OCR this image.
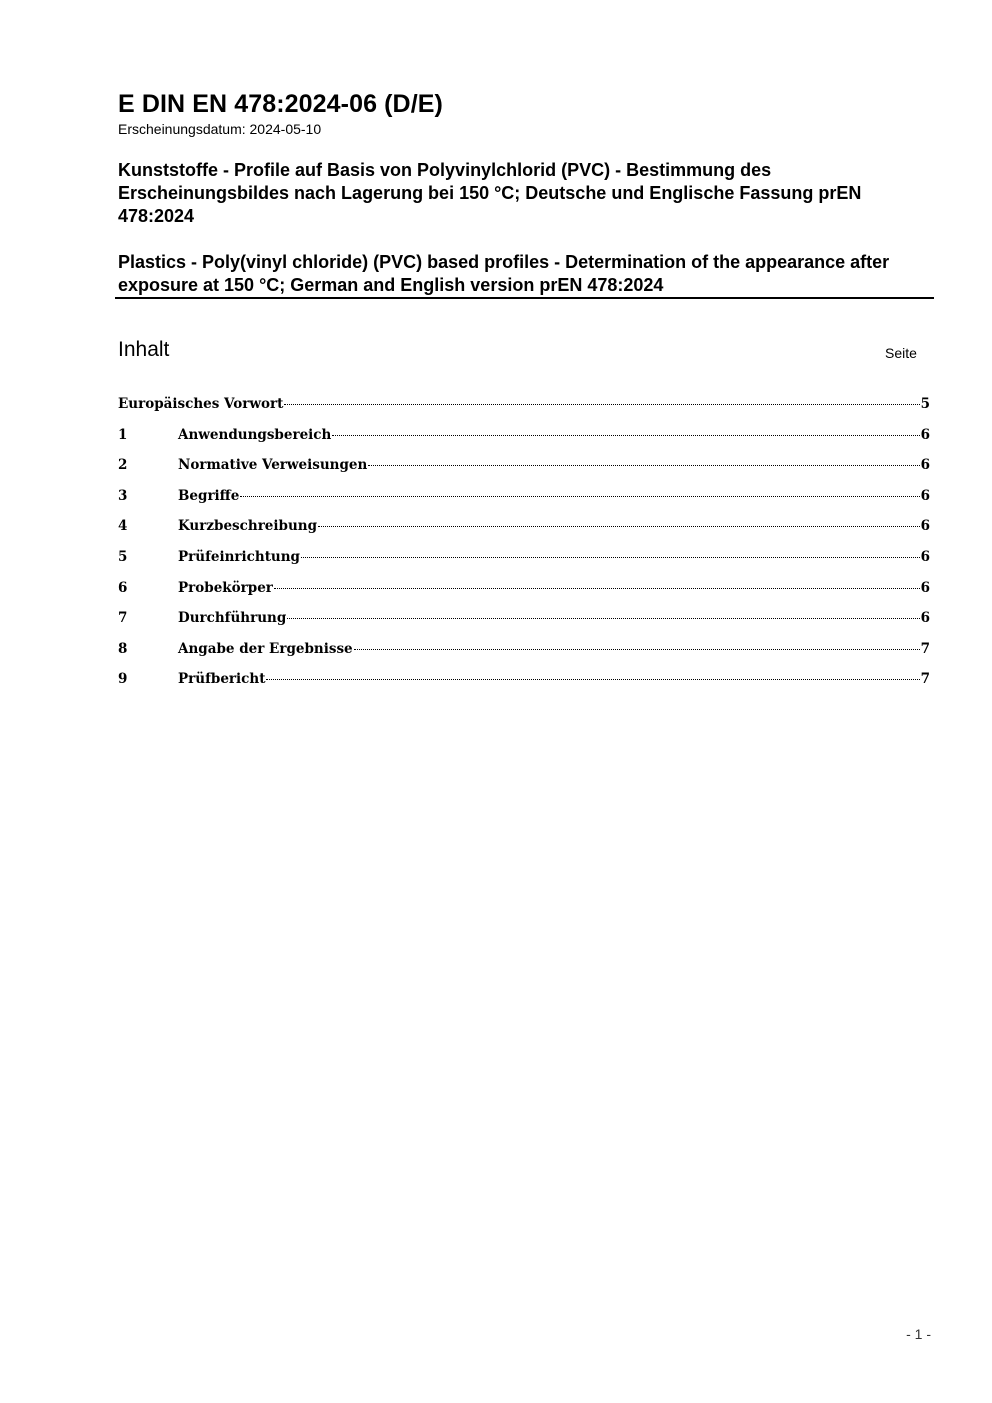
E DIN EN 478:2024-06 (D/E)
Erscheinungsdatum: 2024-05-10
Kunststoffe - Profile auf Basis von Polyvinylchlorid (PVC) - Bestimmung des Erscheinungsbildes nach Lagerung bei 150 °C; Deutsche und Englische Fassung prEN 478:2024
Plastics - Poly(vinyl chloride) (PVC) based profiles - Determination of the appearance after exposure at 150 °C; German and English version prEN 478:2024
Inhalt	Seite
Europäisches Vorwort	5
1	Anwendungsbereich	6
2	Normative Verweisungen	6
3	Begriffe	6
4	Kurzbeschreibung	6
5	Prüfeinrichtung	6
6	Probekörper	6
7	Durchführung	6
8	Angabe der Ergebnisse	7
9	Prüfbericht	7
- 1 -
